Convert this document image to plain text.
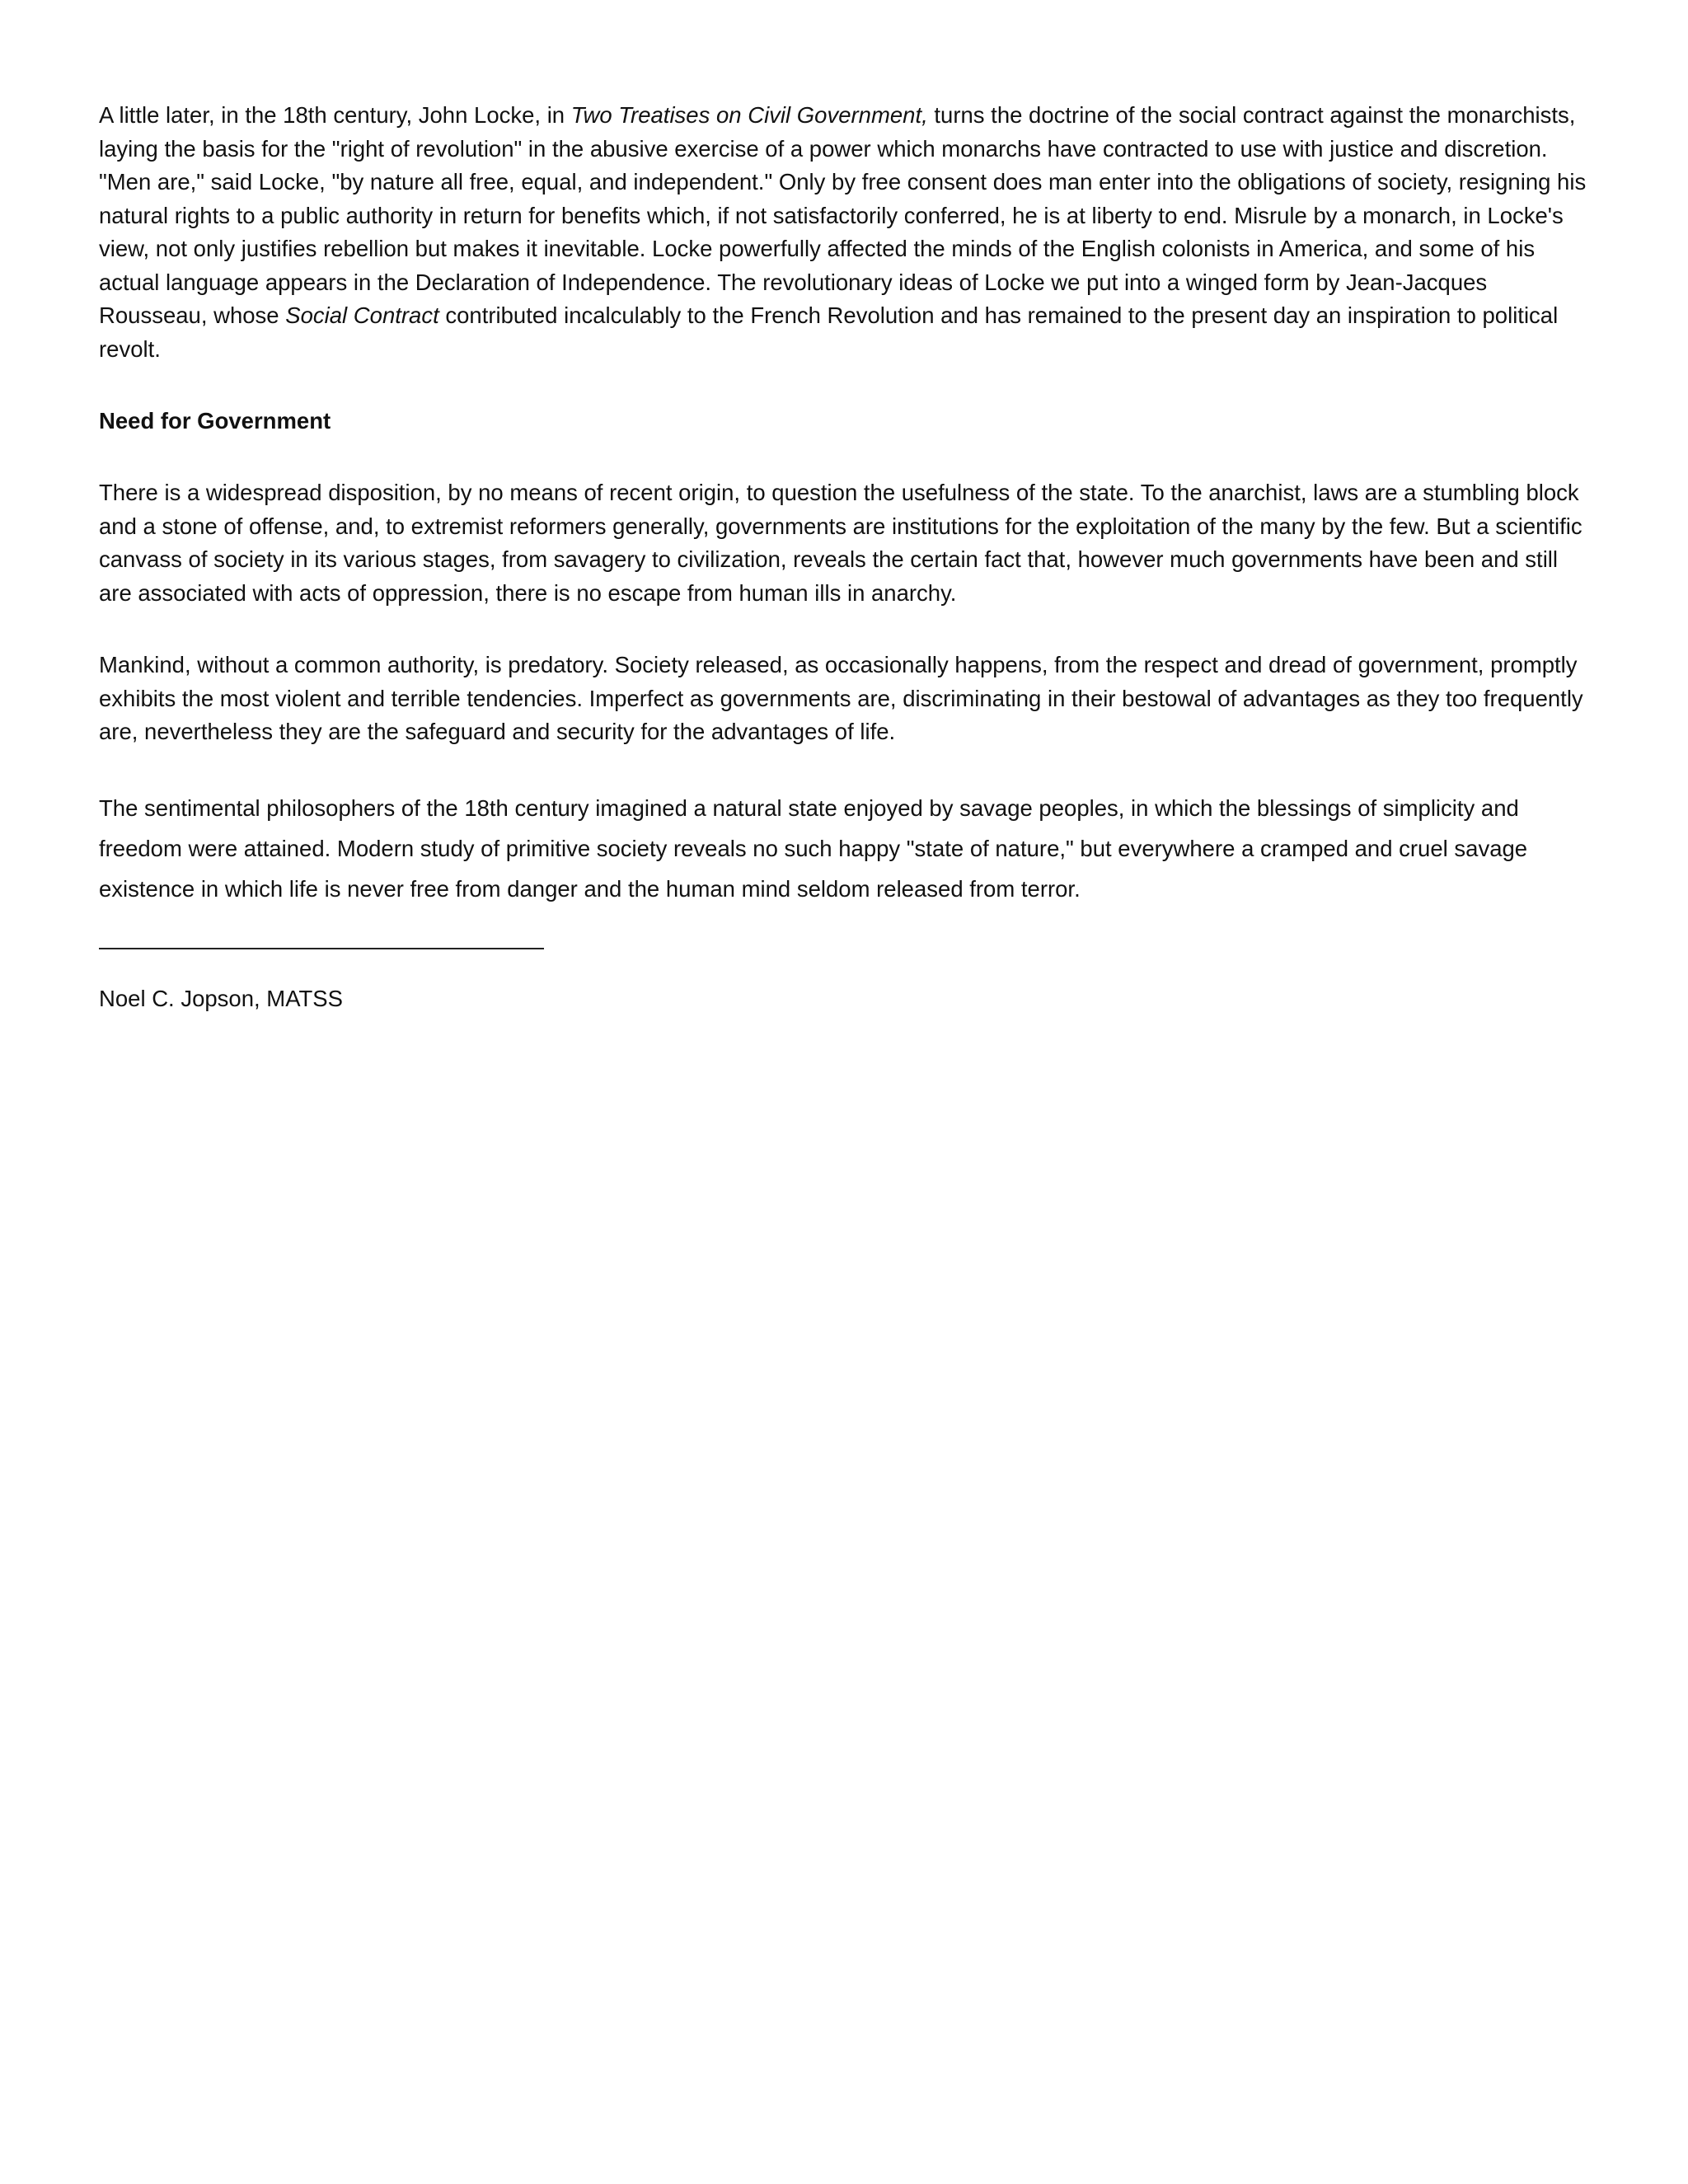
A little later, in the 18th century, John Locke, in Two Treatises on Civil Government, turns the doctrine of the social contract against the monarchists, laying the basis for the "right of revolution" in the abusive exercise of a power which monarchs have contracted to use with justice and discretion. "Men are," said Locke, "by nature all free, equal, and independent." Only by free consent does man enter into the obligations of society, resigning his natural rights to a public authority in return for benefits which, if not satisfactorily conferred, he is at liberty to end. Misrule by a monarch, in Locke's view, not only justifies rebellion but makes it inevitable. Locke powerfully affected the minds of the English colonists in America, and some of his actual language appears in the Declaration of Independence. The revolutionary ideas of Locke we put into a winged form by Jean-Jacques Rousseau, whose Social Contract contributed incalculably to the French Revolution and has remained to the present day an inspiration to political revolt.

Need for Government

There is a widespread disposition, by no means of recent origin, to question the usefulness of the state. To the anarchist, laws are a stumbling block and a stone of offense, and, to extremist reformers generally, governments are institutions for the exploitation of the many by the few. But a scientific canvass of society in its various stages, from savagery to civilization, reveals the certain fact that, however much governments have been and still are associated with acts of oppression, there is no escape from human ills in anarchy.

Mankind, without a common authority, is predatory. Society released, as occasionally happens, from the respect and dread of government, promptly exhibits the most violent and terrible tendencies. Imperfect as governments are, discriminating in their bestowal of advantages as they too frequently are, nevertheless they are the safeguard and security for the advantages of life.

The sentimental philosophers of the 18th century imagined a natural state enjoyed by savage peoples, in which the blessings of simplicity and freedom were attained. Modern study of primitive society reveals no such happy "state of nature," but everywhere a cramped and cruel savage existence in which life is never free from danger and the human mind seldom released from terror.

Noel C. Jopson, MATSS
